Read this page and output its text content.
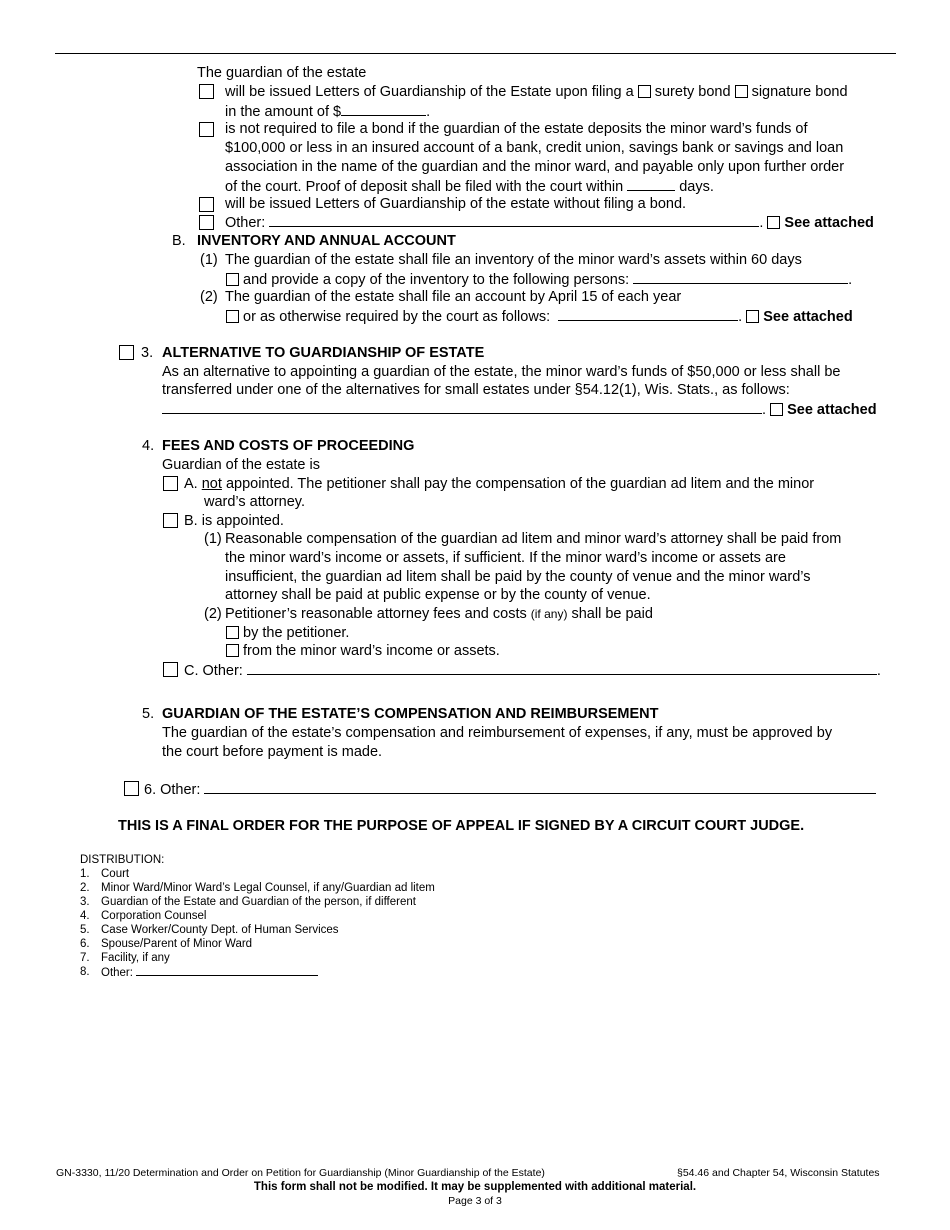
The guardian of the estate
will be issued Letters of Guardianship of the Estate upon filing a surety bond signature bond
in the amount of $	.
is not required to file a bond if the guardian of the estate deposits the minor ward’s funds of
$100,000 or less in an insured account of a bank, credit union, savings bank or savings and loan
association in the name of the guardian and the minor ward, and payable only upon further order
of the court. Proof of deposit shall be filed with the court within	days.
will be issued Letters of Guardianship of the estate without filing a bond.
Other:	.  See attached
B. INVENTORY AND ANNUAL ACCOUNT
(1) The guardian of the estate shall file an inventory of the minor ward’s assets within 60 days
and provide a copy of the inventory to the following persons:	.
(2) The guardian of the estate shall file an account by April 15 of each year
or as otherwise required by the court as follows:	.  See attached
3. ALTERNATIVE TO GUARDIANSHIP OF ESTATE
As an alternative to appointing a guardian of the estate, the minor ward’s funds of $50,000 or less shall be
transferred under one of the alternatives for small estates under §54.12(1), Wis. Stats., as follows:
.  See attached
4. FEES AND COSTS OF PROCEEDING
Guardian of the estate is
A. not appointed. The petitioner shall pay the compensation of the guardian ad litem and the minor
ward’s attorney.
B. is appointed.
(1) Reasonable compensation of the guardian ad litem and minor ward’s attorney shall be paid from
the minor ward’s income or assets, if sufficient. If the minor ward’s income or assets are
insufficient, the guardian ad litem shall be paid by the county of venue and the minor ward’s
attorney shall be paid at public expense or by the county of venue.
(2) Petitioner’s reasonable attorney fees and costs (if any) shall be paid
by the petitioner.
from the minor ward’s income or assets.
C. Other:	.
5. GUARDIAN OF THE ESTATE’S COMPENSATION AND REIMBURSEMENT
The guardian of the estate’s compensation and reimbursement of expenses, if any, must be approved by
the court before payment is made.
6. Other:
THIS IS A FINAL ORDER FOR THE PURPOSE OF APPEAL IF SIGNED BY A CIRCUIT COURT JUDGE.
DISTRIBUTION:
1. Court
2. Minor Ward/Minor Ward’s Legal Counsel, if any/Guardian ad litem
3. Guardian of the Estate and Guardian of the person, if different
4. Corporation Counsel
5. Case Worker/County Dept. of Human Services
6. Spouse/Parent of Minor Ward
7. Facility, if any
8. Other:
GN-3330, 11/20 Determination and Order on Petition for Guardianship (Minor Guardianship of the Estate)	§54.46 and Chapter 54, Wisconsin Statutes
This form shall not be modified. It may be supplemented with additional material.
Page 3 of 3
